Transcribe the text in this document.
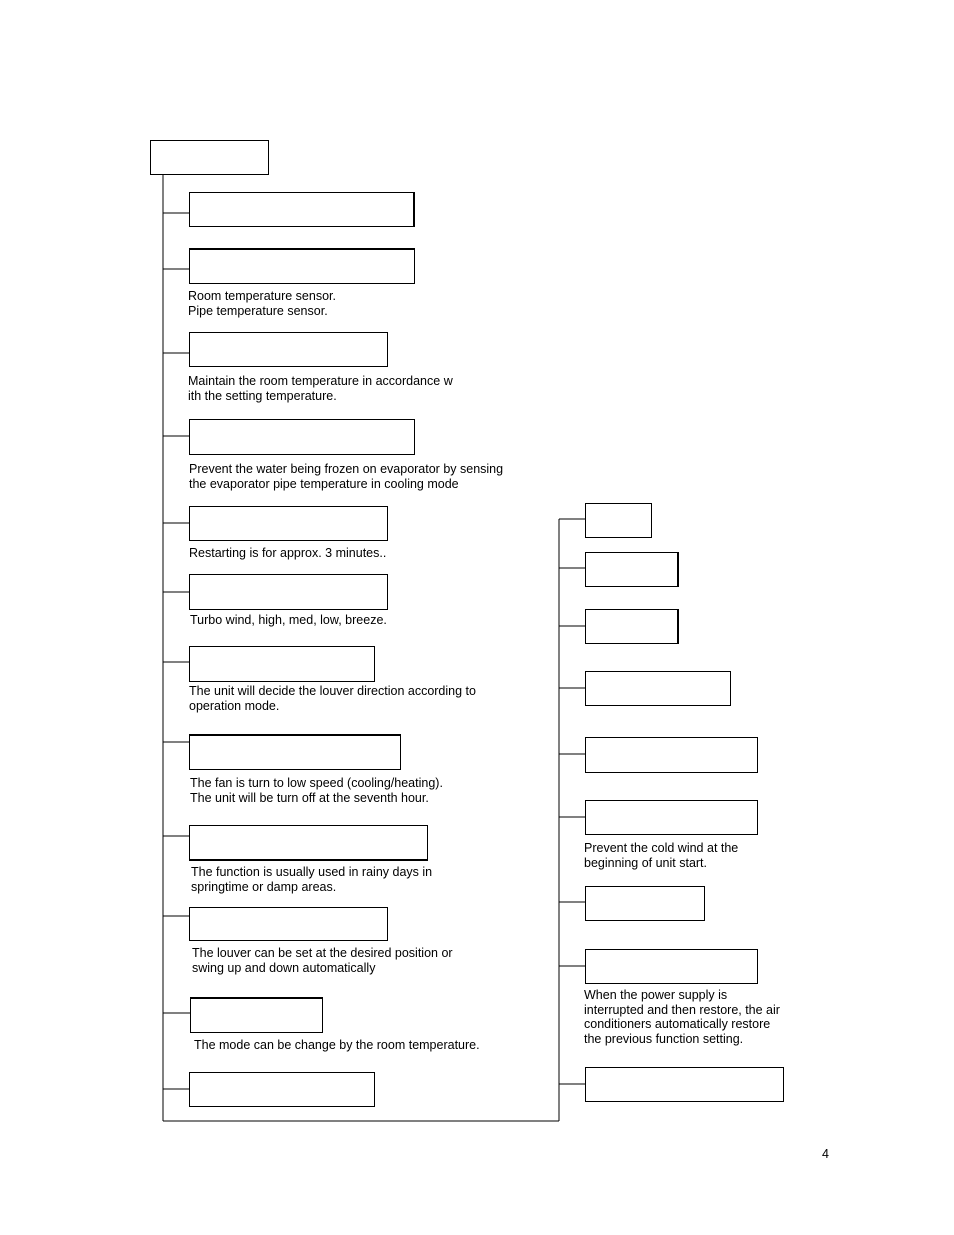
Room temperature sensor.
Pipe temperature sensor.

Maintain the room temperature in accordance w
ith the setting temperature.

Prevent the water being frozen on evaporator by sensing
the evaporator pipe temperature in cooling mode

Restarting is for approx. 3 minutes..

Turbo wind, high, med, low, breeze.

The unit will decide the louver direction according to
operation mode.

The fan is turn to low speed (cooling/heating).
The unit will be turn off at the seventh hour.

The function is usually used in rainy days in
springtime or damp areas.

The louver can be set at the desired position or
swing up and down automatically

The mode can be change by the room temperature.

Prevent the cold wind at the
beginning of unit start.

When the power supply is
interrupted and then restore, the air
conditioners automatically restore
the previous function setting.

4
